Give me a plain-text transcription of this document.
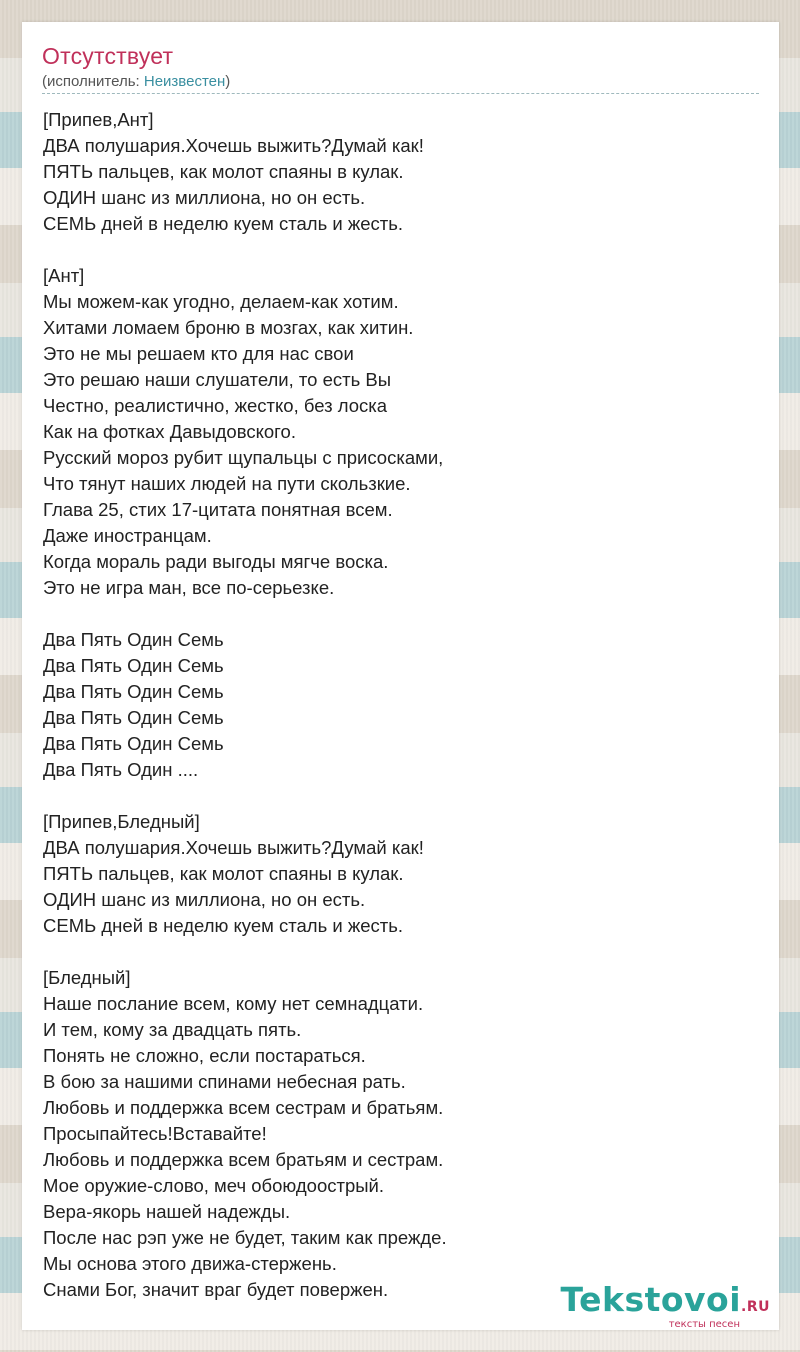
Отсутствует
(исполнитель: Неизвестен)
[Припев,Ант]
ДВА полушария.Хочешь выжить?Думай как!
ПЯТЬ пальцев, как молот спаяны в кулак.
ОДИН шанс из миллиона, но он есть.
СЕМЬ дней в неделю куем сталь и жесть.
[Ант]
Мы можем-как угодно, делаем-как хотим.
Хитами ломаем броню в мозгах, как хитин.
Это не мы решаем кто для нас свои
Это решаю наши слушатели, то есть Вы
Честно, реалистично, жестко, без лоска
Как на фотках Давыдовского.
Русский мороз рубит щупальцы с присосками,
Что тянут наших людей на пути скользкие.
Глава 25, стих 17-цитата понятная всем.
Даже иностранцам.
Когда мораль ради выгоды мягче воска.
Это не игра ман, все по-серьезке.
Два Пять Один Семь
Два Пять Один Семь
Два Пять Один Семь
Два Пять Один Семь
Два Пять Один Семь
Два Пять Один ....
[Припев,Бледный]
ДВА полушария.Хочешь выжить?Думай как!
ПЯТЬ пальцев, как молот спаяны в кулак.
ОДИН шанс из миллиона, но он есть.
СЕМЬ дней в неделю куем сталь и жесть.
[Бледный]
Наше послание всем, кому нет семнадцати.
И тем, кому за двадцать пять.
Понять не сложно, если постараться.
В бою за нашими спинами небесная рать.
Любовь и поддержка всем сестрам и братьям.
Просыпайтесь!Вставайте!
Любовь и поддержка всем братьям и сестрам.
Мое оружие-слово, меч обоюдоострый.
Вера-якорь нашей надежды.
После нас рэп уже не будет, таким как прежде.
Мы основа этого движа-стержень.
Снами Бог, значит враг будет повержен.	Tekstovoi.RU
тексты песен
